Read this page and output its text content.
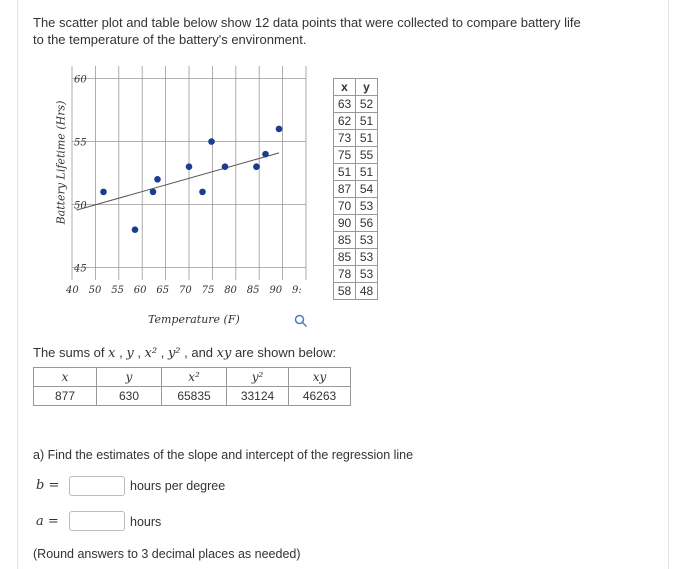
The scatter plot and table below show 12 data points that were collected to compare battery life to the temperature of the battery's environment.
60
55
50
45
40 50 55 60 65 70 75 80 85 90 9:
Temperature (F)
Battery Lifetime (Hrs)
x	y
63	52
62	51
73	51
75	55
51	51
87	54
70	53
90	56
85	53
85	53
78	53
58	48
The sums of x , y , x² , y² , and xy are shown below:
x	y	x²	y²	xy
877	630	65835	33124	46263
a) Find the estimates of the slope and intercept of the regression line
b =	hours per degree
a =	hours
(Round answers to 3 decimal places as needed)
